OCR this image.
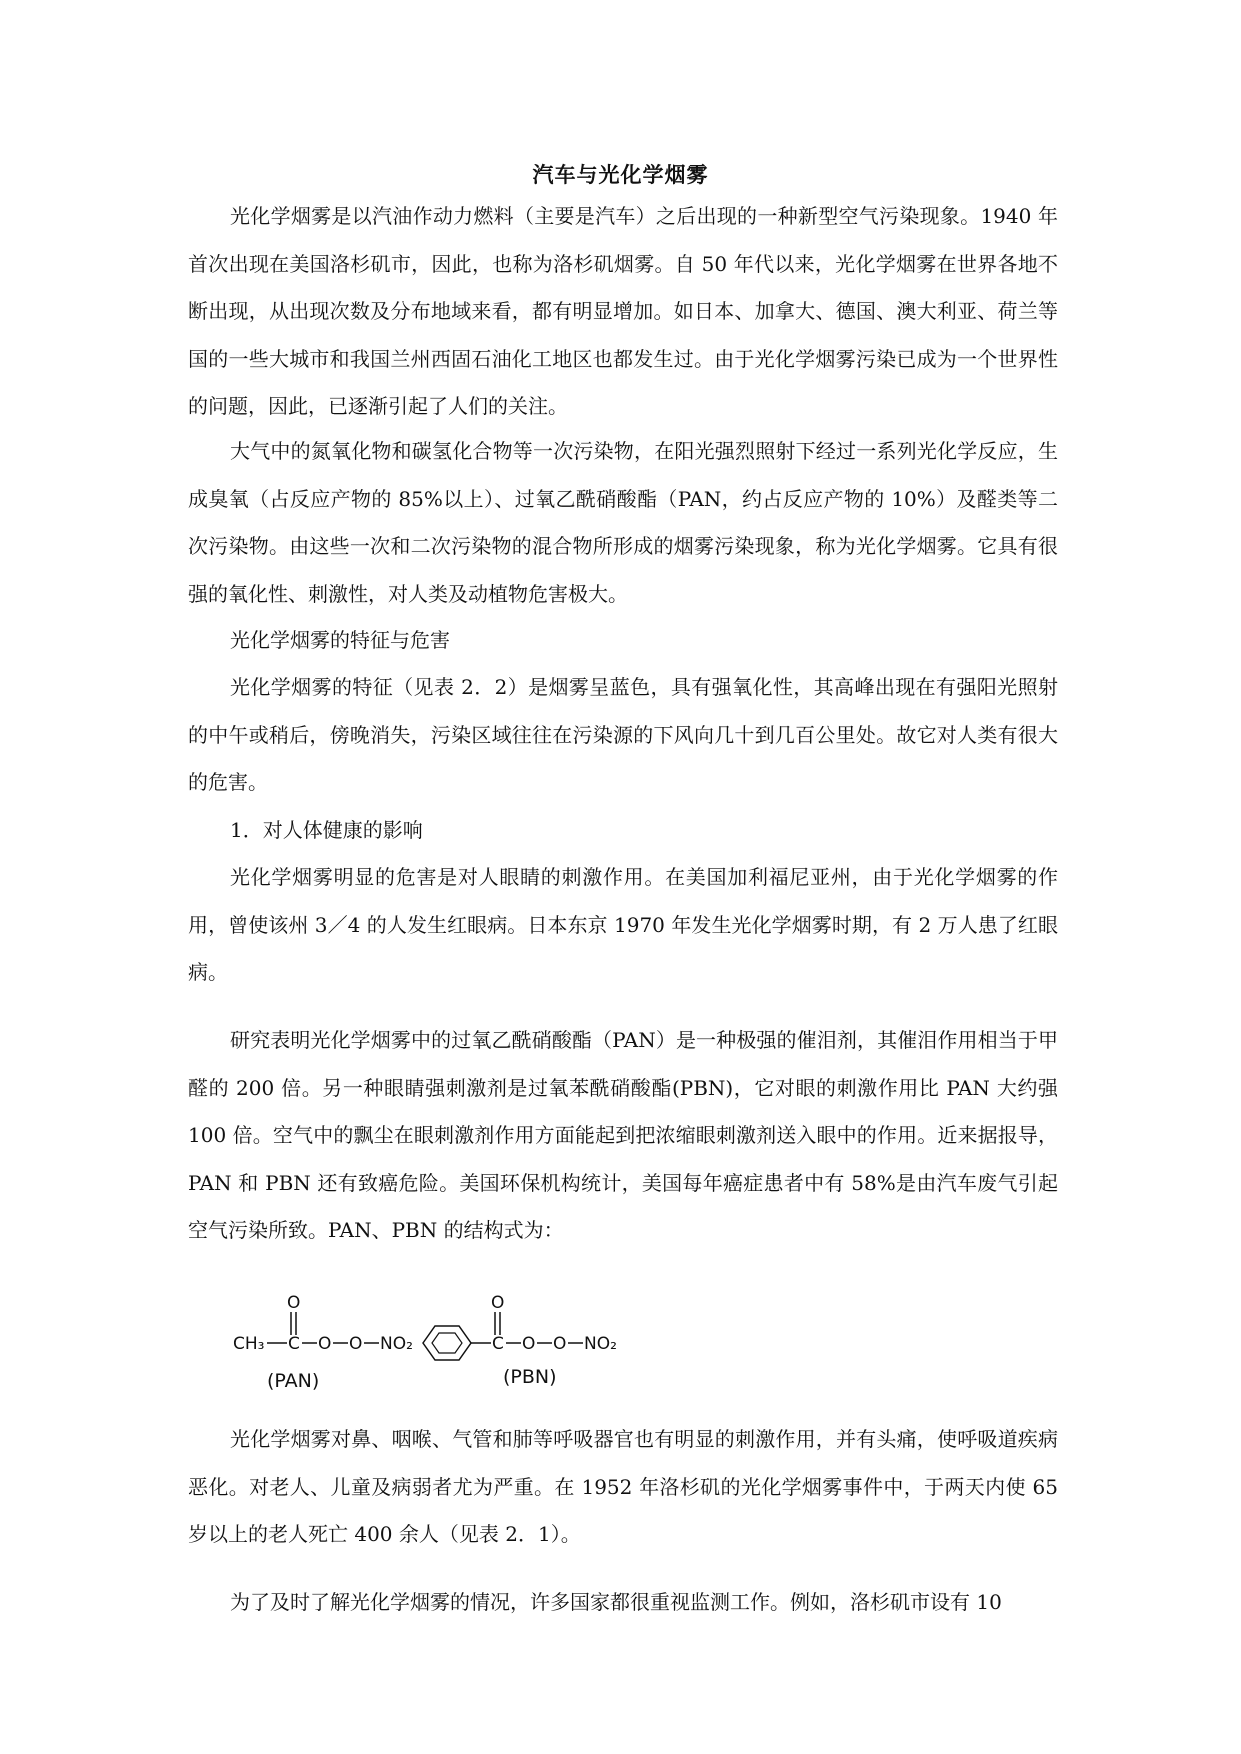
汽车与光化学烟雾

光化学烟雾是以汽油作动力燃料（主要是汽车）之后出现的一种新型空气污染现象。1940 年首次出现在美国洛杉矶市，因此，也称为洛杉矶烟雾。自 50 年代以来，光化学烟雾在世界各地不断出现，从出现次数及分布地域来看，都有明显增加。如日本、加拿大、德国、澳大利亚、荷兰等国的一些大城市和我国兰州西固石油化工地区也都发生过。由于光化学烟雾污染已成为一个世界性的问题，因此，已逐渐引起了人们的关注。

大气中的氮氧化物和碳氢化合物等一次污染物，在阳光强烈照射下经过一系列光化学反应，生成臭氧（占反应产物的 85%以上）、过氧乙酰硝酸酯（PAN，约占反应产物的 10%）及醛类等二次污染物。由这些一次和二次污染物的混合物所形成的烟雾污染现象，称为光化学烟雾。它具有很强的氧化性、刺激性，对人类及动植物危害极大。

光化学烟雾的特征与危害

光化学烟雾的特征（见表 2．2）是烟雾呈蓝色，具有强氧化性，其高峰出现在有强阳光照射的中午或稍后，傍晚消失，污染区域往往在污染源的下风向几十到几百公里处。故它对人类有很大的危害。

1．对人体健康的影响

光化学烟雾明显的危害是对人眼睛的刺激作用。在美国加利福尼亚州，由于光化学烟雾的作用，曾使该州 3／4 的人发生红眼病。日本东京 1970 年发生光化学烟雾时期，有 2 万人患了红眼病。

研究表明光化学烟雾中的过氧乙酰硝酸酯（PAN）是一种极强的催泪剂，其催泪作用相当于甲醛的 200 倍。另一种眼睛强刺激剂是过氧苯酰硝酸酯(PBN)，它对眼的刺激作用比 PAN 大约强 100 倍。空气中的飘尘在眼刺激剂作用方面能起到把浓缩眼刺激剂送入眼中的作用。近来据报导，PAN 和 PBN 还有致癌危险。美国环保机构统计，美国每年癌症患者中有 58%是由汽车废气引起空气污染所致。PAN、PBN 的结构式为：

CH₃ C
O
O O NO₂
(PAN)
C
O
O O NO₂
(PBN)

光化学烟雾对鼻、咽喉、气管和肺等呼吸器官也有明显的刺激作用，并有头痛，使呼吸道疾病恶化。对老人、儿童及病弱者尤为严重。在 1952 年洛杉矶的光化学烟雾事件中，于两天内使 65 岁以上的老人死亡 400 余人（见表 2．1）。

为了及时了解光化学烟雾的情况，许多国家都很重视监测工作。例如，洛杉矶市设有 10
